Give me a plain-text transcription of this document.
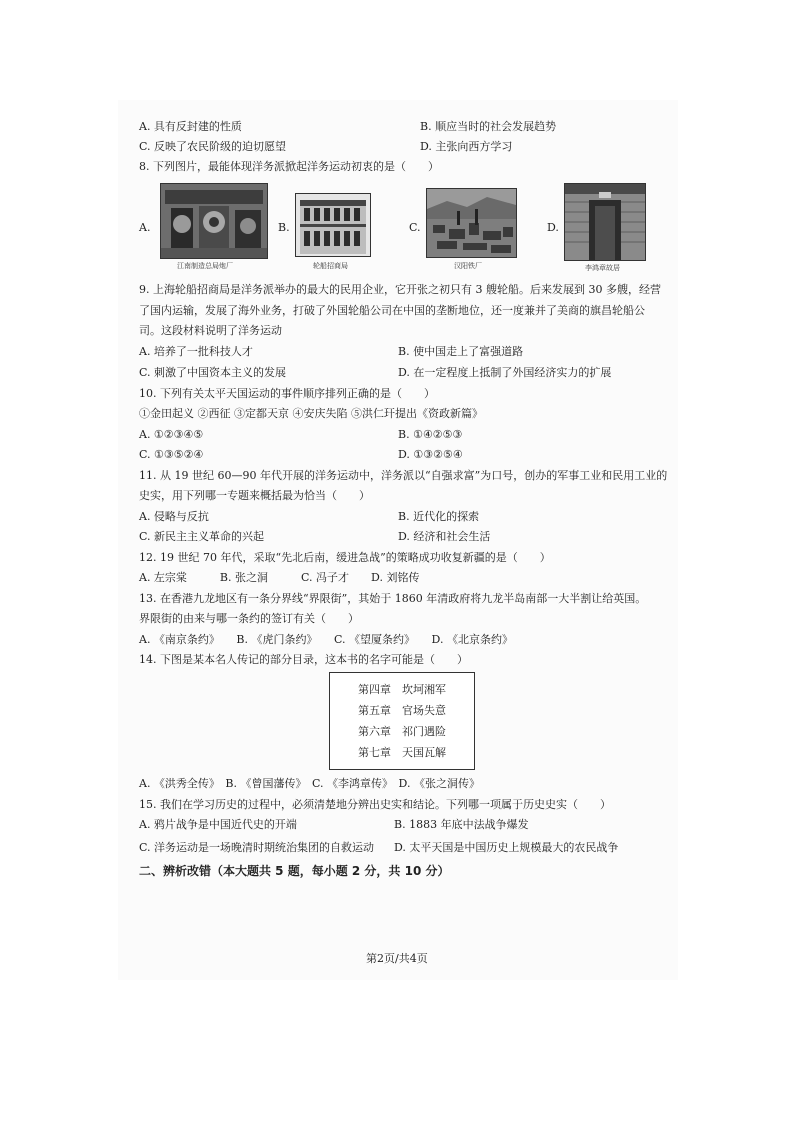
A. 具有反封建的性质	B. 顺应当时的社会发展趋势
C. 反映了农民阶级的迫切愿望	D. 主张向西方学习
8. 下列图片，最能体现洋务派掀起洋务运动初衷的是（　　）
A.
江南制造总局炮厂
B.
轮船招商局
C.
汉阳铁厂
D.
李鸿章故居
9. 上海轮船招商局是洋务派举办的最大的民用企业，它开张之初只有 3 艘轮船。后来发展到 30 多艘，经营
了国内运输，发展了海外业务，打破了外国轮船公司在中国的垄断地位，还一度兼并了美商的旗昌轮船公
司。这段材料说明了洋务运动
A. 培养了一批科技人才	B. 使中国走上了富强道路
C. 刺激了中国资本主义的发展	D. 在一定程度上抵制了外国经济实力的扩展
10. 下列有关太平天国运动的事件顺序排列正确的是（　　）
①金田起义 ②西征 ③定都天京 ④安庆失陷 ⑤洪仁玕提出《资政新篇》
A. ①②③④⑤	B. ①④②⑤③
C. ①③⑤②④	D. ①③②⑤④
11. 从 19 世纪 60—90 年代开展的洋务运动中，洋务派以“自强求富”为口号，创办的军事工业和民用工业的
史实，用下列哪一专题来概括最为恰当（　　）
A. 侵略与反抗	B. 近代化的探索
C. 新民主主义革命的兴起	D. 经济和社会生活
12. 19 世纪 70 年代，采取“先北后南，缓进急战”的策略成功收复新疆的是（　　）
A. 左宗棠　　　B. 张之洞　　　C. 冯子才　　D. 刘铭传
13. 在香港九龙地区有一条分界线“界限街”，其始于 1860 年清政府将九龙半岛南部一大半割让给英国。
界限街的由来与哪一条约的签订有关（　　）
A. 《南京条约》　　B. 《虎门条约》　　C. 《望厦条约》　　D. 《北京条约》
14. 下图是某本名人传记的部分目录，这本书的名字可能是（　　）
第四章　坎坷湘军
第五章　官场失意
第六章　祁门遇险
第七章　天国瓦解
A. 《洪秀全传》　B. 《曾国藩传》　C. 《李鸿章传》　D. 《张之洞传》
15. 我们在学习历史的过程中，必须清楚地分辨出史实和结论。下列哪一项属于历史史实（　　）
A. 鸦片战争是中国近代史的开端	B. 1883 年底中法战争爆发
C. 洋务运动是一场晚清时期统治集团的自救运动 D. 太平天国是中国历史上规模最大的农民战争
二、辨析改错（本大题共 5 题，每小题 2 分，共 10 分）
第2页/共4页
